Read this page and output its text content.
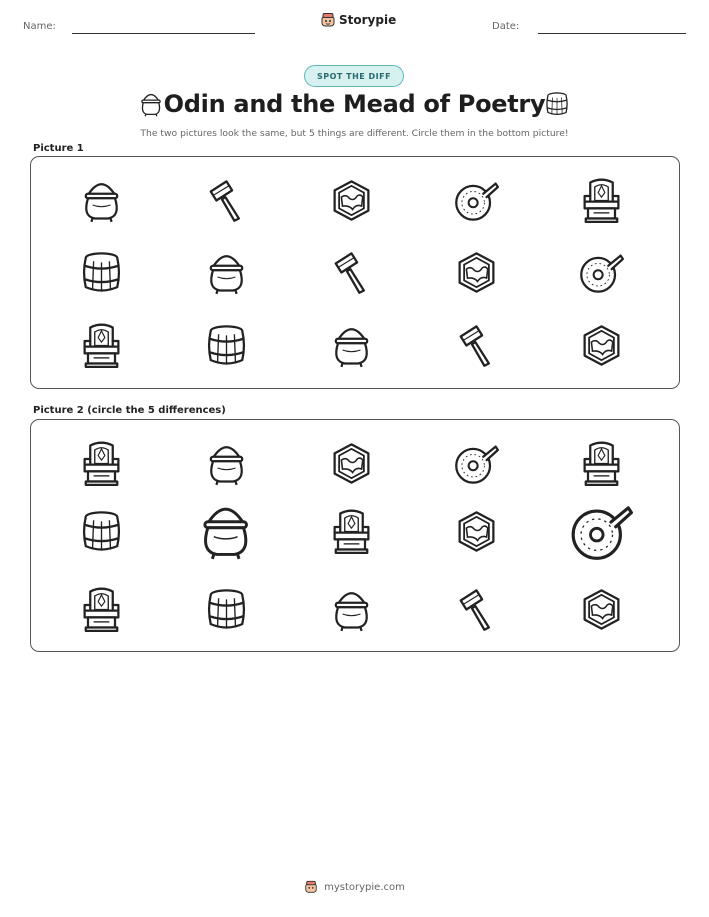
Name:	Storypie	Date:
SPOT THE DIFF
Odin and the Mead of Poetry
The two pictures look the same, but 5 things are different. Circle them in the bottom picture!
Picture 1
Picture 2 (circle the 5 differences)
mystorypie.com
